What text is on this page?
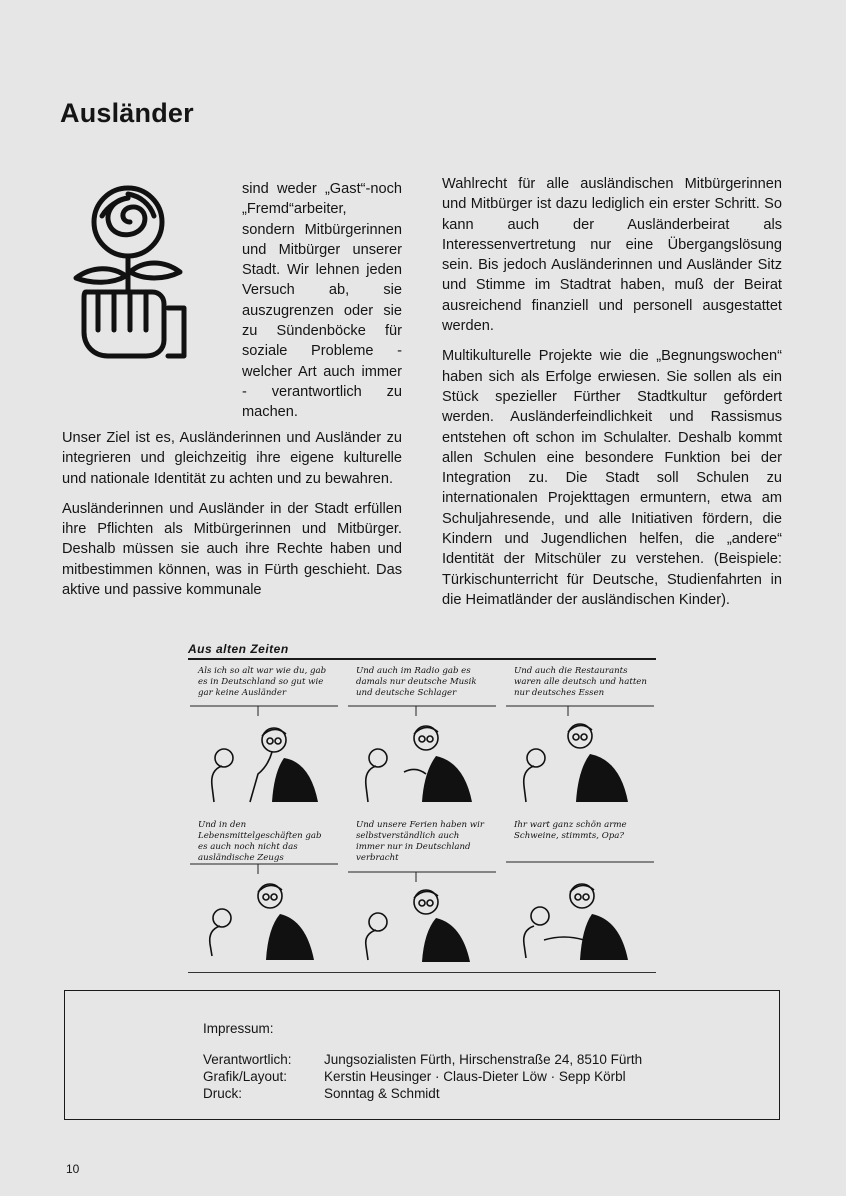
Ausländer

sind weder „Gast“-noch „Fremd“arbeiter, sondern Mitbürgerinnen und Mitbürger unserer Stadt. Wir lehnen jeden Versuch ab, sie auszugrenzen oder sie zu Sündenböcke für soziale Probleme - welcher Art auch immer - verantwortlich zu machen.

Unser Ziel ist es, Ausländerinnen und Ausländer zu integrieren und gleichzeitig ihre eigene kulturelle und nationale Identität zu achten und zu bewahren.

Ausländerinnen und Ausländer in der Stadt erfüllen ihre Pflichten als Mitbürgerinnen und Mitbürger. Deshalb müssen sie auch ihre Rechte haben und mitbestimmen können, was in Fürth geschieht. Das aktive und passive kommunale

Wahlrecht für alle ausländischen Mitbürgerinnen und Mitbürger ist dazu lediglich ein erster Schritt. So kann auch der Ausländerbeirat als Interessenvertretung nur eine Übergangslösung sein. Bis jedoch Ausländerinnen und Ausländer Sitz und Stimme im Stadtrat haben, muß der Beirat ausreichend finanziell und personell ausgestattet werden.

Multikulturelle Projekte wie die „Begnungswochen“ haben sich als Erfolge erwiesen. Sie sollen als ein Stück spezieller Fürther Stadtkultur gefördert werden. Ausländerfeindlichkeit und Rassismus entstehen oft schon im Schulalter. Deshalb kommt allen Schulen eine besondere Funktion bei der Integration zu. Die Stadt soll Schulen zu internationalen Projekttagen ermuntern, etwa am Schuljahresende, und alle Initiativen fördern, die Kindern und Jugendlichen helfen, die „andere“ Identität der Mitschüler zu verstehen. (Beispiele: Türkischunterricht für Deutsche, Studienfahrten in die Heimatländer der ausländischen Kinder).

Aus alten Zeiten
Als ich so alt war wie du, gab es in Deutschland so gut wie gar keine Ausländer
Und auch im Radio gab es damals nur deutsche Musik und deutsche Schlager
Und auch die Restaurants waren alle deutsch und hatten nur deutsches Essen
Und in den Lebensmittelgeschäften gab es auch noch nicht das ausländische Zeugs
Und unsere Ferien haben wir selbstverständlich auch immer nur in Deutschland verbracht
Ihr wart ganz schön arme Schweine, stimmts, Opa?
Impressum:
Verantwortlich: Jungsozialisten Fürth, Hirschenstraße 24, 8510 Fürth
Grafik/Layout:	Kerstin Heusinger · Claus-Dieter Löw · Sepp Körbl
Druck:	Sonntag & Schmidt
10
